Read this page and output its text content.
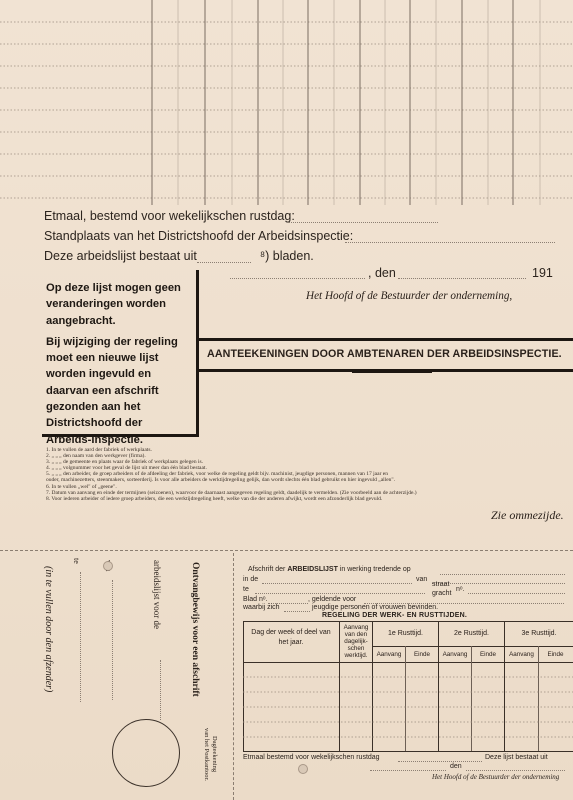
Etmaal, bestemd voor wekelijkschen rustdag:
Standplaats van het Districtshoofd der Arbeidsinspectie:
Deze arbeidslijst bestaat uit	⁸) bladen.
, den	191
Het Hoofd of de Bestuurder der onderneming,

Op deze lijst mogen geen veranderingen worden aangebracht.

Bij wijziging der regeling moet een nieuwe lijst worden ingevuld en daarvan een afschrift gezonden aan het Districtshoofd der Arbeids-Inspectie.

AANTEEKENINGEN DOOR AMBTENAREN DER ARBEIDSINSPECTIE.
1. In te vullen de aard der fabriek of werkplaats.
2. „ „ „ den naam van den werkgever (firma).
3. „ „ „ de gemeente en plaats waar de fabriek of werkplaats gelegen is.
4. „ „ „ volgnummer voor het geval de lijst uit meer dan één blad bestaat.
5. „ „ „ den arbeider, de groep arbeiders of de afdeeling der fabriek, voor welke de regeling geldt bijv. machinist, jeugdige personen, mannen van 17 jaar en
ouder, machinezetters, steenmakers, sorteerderij. Is voor alle arbeiders de werktijdregeling gelijk, dan wordt slechts één blad gebruikt en hier ingevuld „allen".
6. In te vullen „wel" of „geene".
7. Datum van aanvang en einde der termijnen (seizoenen), waarvoor de daarnaast aangegeven regeling geldt, daadelijk te vermelden. (Zie voorbeeld aan de achterzijde.)
8. Voor iederen arbeider of iedere groep arbeiders, die een werktijdregeling heeft, welke van die der anderen afwijkt, wordt een afzonderlijk blad gevuld.
Zie ommezijde.
(in te vullen door den afzender)
te	arbeidslijst voor de	Ontvangbewijs voor een afschrift
Dagteekening
van het Postkantoor.
Afschrift der ARBEIDSLIJST in werking tredende op
in de	van
te
straat
gracht
nᵒ.
Blad nᵒ.	, geldende voor
waarbij zich	jeugdige personen of vrouwen bevinden.
REGELING DER WERK- EN RUSTTIJDEN.
Dag der week of deel van het jaar.
Aanvang van den dagelijk-schen werktijd.
1e Rusttijd.	2e Rusttijd.	3e Rusttijd.
Aanvang	Einde	Aanvang	Einde	Aanvang	Einde
Etmaal bestemd voor wekelijkschen rustdag	Deze lijst bestaat uit
den
Het Hoofd of de Bestuurder der onderneming
